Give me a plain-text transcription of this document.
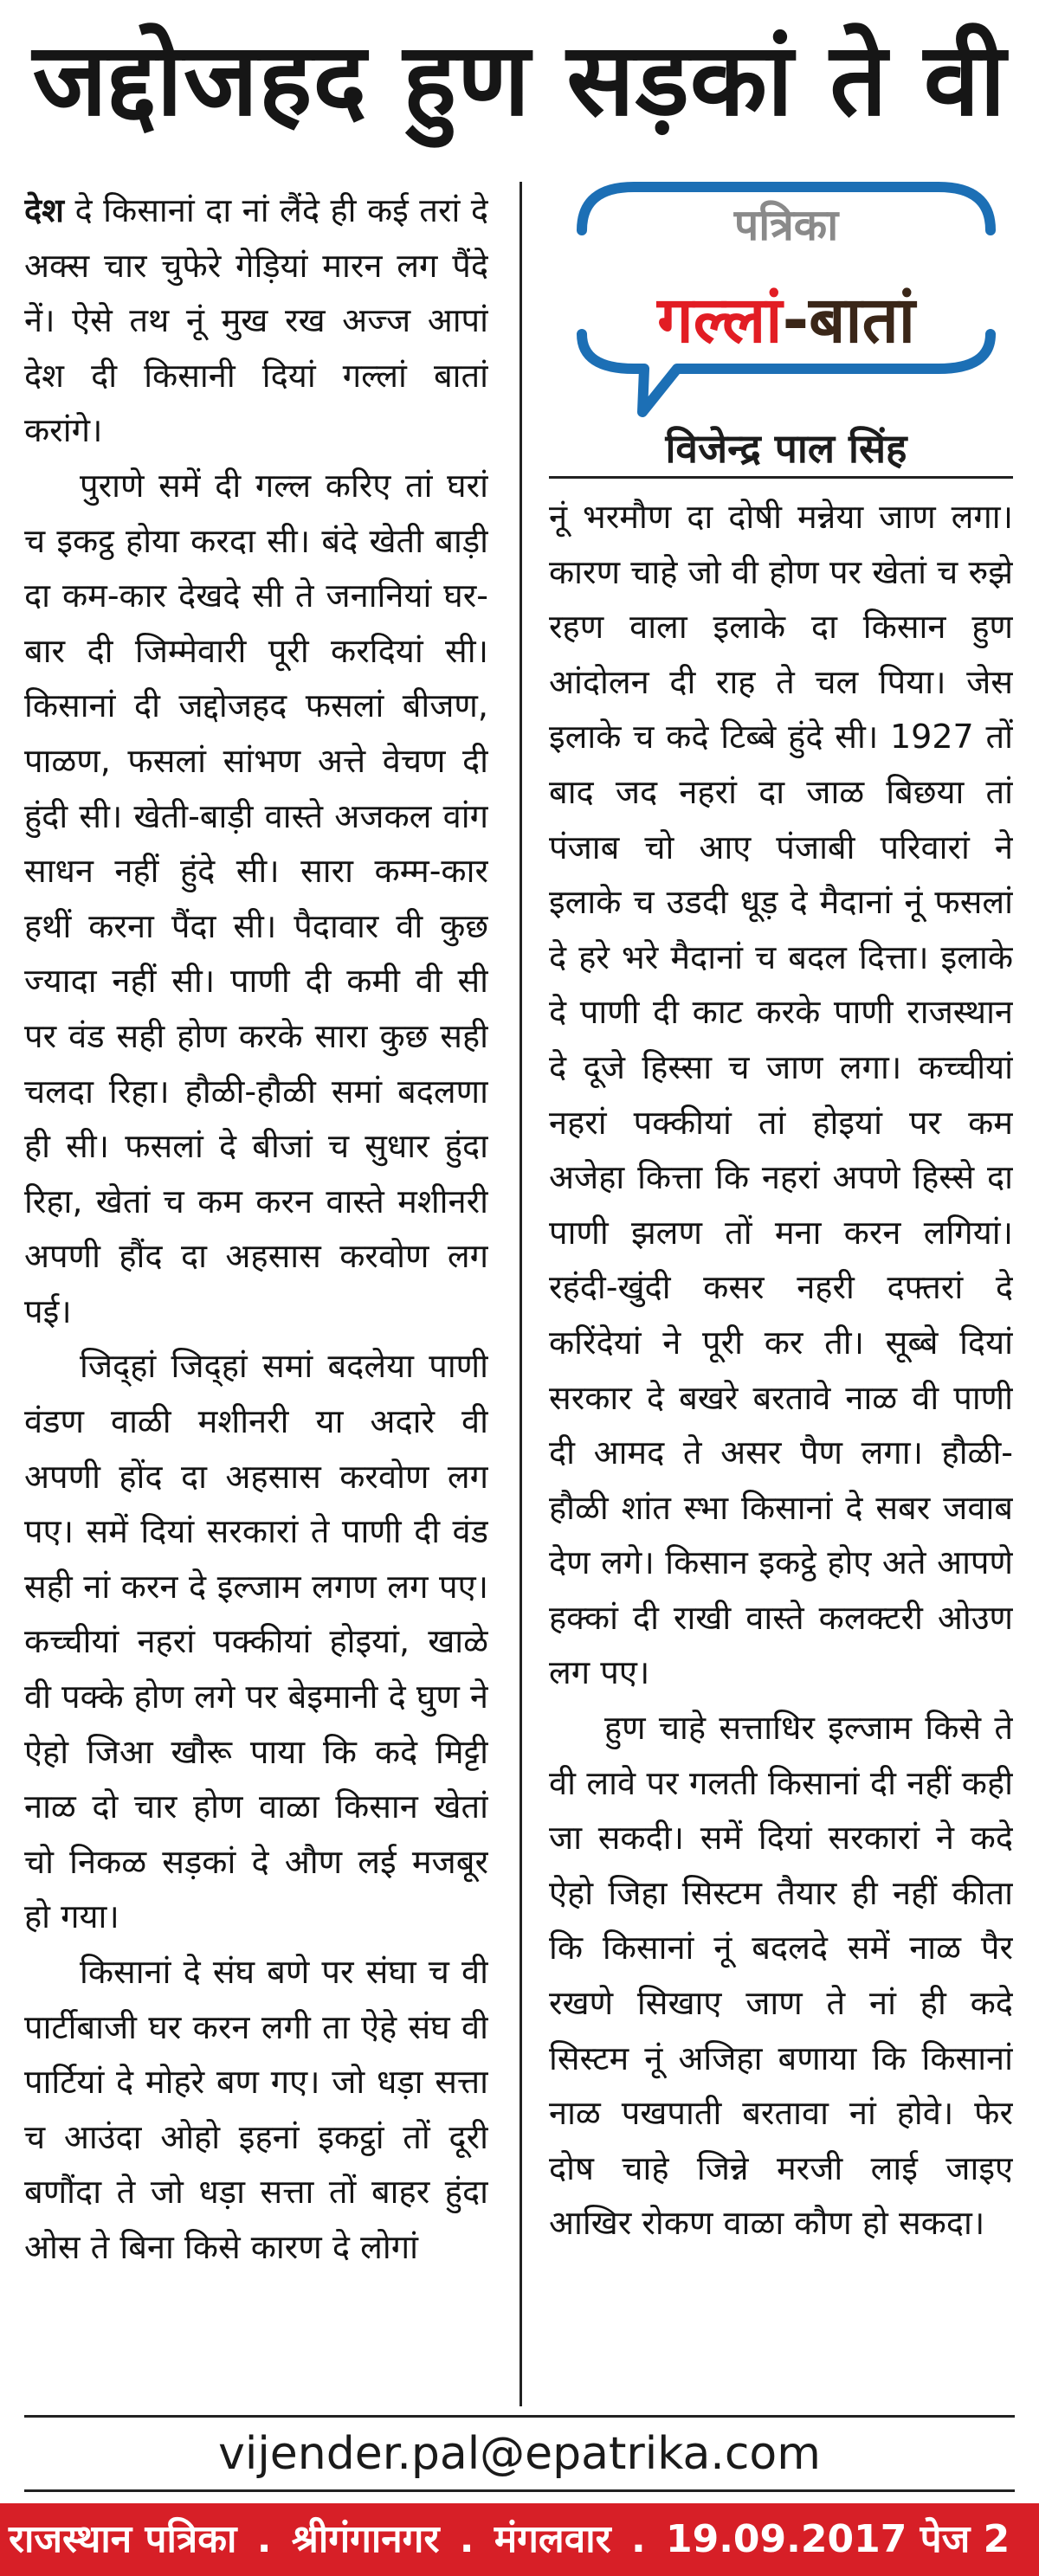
जद्दोजहद हुण सड़कां ते वी

देश दे किसानां दा नां लैंदे ही कई तरां दे अक्स चार चुफेरे गेड़ियां मारन लग पैंदे नें। ऐसे तथ नूं मुख रख अज्ज आपां देश दी किसानी दियां गल्लां बातां करांगे।

पुराणे समें दी गल्ल करिए तां घरां च इकट्ठ होया करदा सी। बंदे खेती बाड़ी दा कम-कार देखदे सी ते जनानियां घर-बार दी जिम्मेवारी पूरी करदियां सी। किसानां दी जद्दोजहद फसलां बीजण, पाळण, फसलां सांभण अत्ते वेचण दी हुंदी सी। खेती-बाड़ी वास्ते अजकल वांग साधन नहीं हुंदे सी। सारा कम्म-कार हथीं करना पैंदा सी। पैदावार वी कुछ ज्यादा नहीं सी। पाणी दी कमी वी सी पर वंड सही होण करके सारा कुछ सही चलदा रिहा। हौळी-हौळी समां बदलणा ही सी। फसलां दे बीजां च सुधार हुंदा रिहा, खेतां च कम करन वास्ते मशीनरी अपणी हौंद दा अहसास करवोण लग पई।

जिद्हां जिद्हां समां बदलेया पाणी वंडण वाळी मशीनरी या अदारे वी अपणी होंद दा अहसास करवोण लग पए। समें दियां सरकारां ते पाणी दी वंड सही नां करन दे इल्जाम लगण लग पए। कच्चीयां नहरां पक्कीयां होइयां, खाळे वी पक्के होण लगे पर बेइमानी दे घुण ने ऐहो जिआ खौरू पाया कि कदे मिट्टी नाळ दो चार होण वाळा किसान खेतां चो निकळ सड़कां दे औण लई मजबूर हो गया।

किसानां दे संघ बणे पर संघा च वी पार्टीबाजी घर करन लगी ता ऐहे संघ वी पार्टियां दे मोहरे बण गए। जो धड़ा सत्ता च आउंदा ओहो इहनां इकट्ठां तों दूरी बणौंदा ते जो धड़ा सत्ता तों बाहर हुंदा ओस ते बिना किसे कारण दे लोगां

पत्रिका
गल्लां-बातां
विजेन्द्र पाल सिंह

नूं भरमौण दा दोषी मन्नेया जाण लगा। कारण चाहे जो वी होण पर खेतां च रुझे रहण वाला इलाके दा किसान हुण आंदोलन दी राह ते चल पिया। जेस इलाके च कदे टिब्बे हुंदे सी। 1927 तों बाद जद नहरां दा जाळ बिछया तां पंजाब चो आए पंजाबी परिवारां ने इलाके च उडदी धूड़ दे मैदानां नूं फसलां दे हरे भरे मैदानां च बदल दित्ता। इलाके दे पाणी दी काट करके पाणी राजस्थान दे दूजे हिस्सा च जाण लगा। कच्चीयां नहरां पक्कीयां तां होइयां पर कम अजेहा कित्ता कि नहरां अपणे हिस्से दा पाणी झलण तों मना करन लगियां। रहंदी-खुंदी कसर नहरी दफ्तरां दे करिंदेयां ने पूरी कर ती। सूब्बे दियां सरकार दे बखरे बरतावे नाळ वी पाणी दी आमद ते असर पैण लगा। हौळी-हौळी शांत स्भा किसानां दे सबर जवाब देण लगे। किसान इकट्ठे होए अते आपणे हक्कां दी राखी वास्ते कलक्टरी ओउण लग पए।

हुण चाहे सत्ताधिर इल्जाम किसे ते वी लावे पर गलती किसानां दी नहीं कही जा सकदी। समें दियां सरकारां ने कदे ऐहो जिहा सिस्टम तैयार ही नहीं कीता कि किसानां नूं बदलदे समें नाळ पैर रखणे सिखाए जाण ते नां ही कदे सिस्टम नूं अजिहा बणाया कि किसानां नाळ पखपाती बरतावा नां होवे। फेर दोष चाहे जिन्ने मरजी लाई जाइए आखिर रोकण वाळा कौण हो सकदा।

vijender.pal@epatrika.com
राजस्थान पत्रिका . श्रीगंगानगर . मंगलवार . 19.09.2017 पेज 2
